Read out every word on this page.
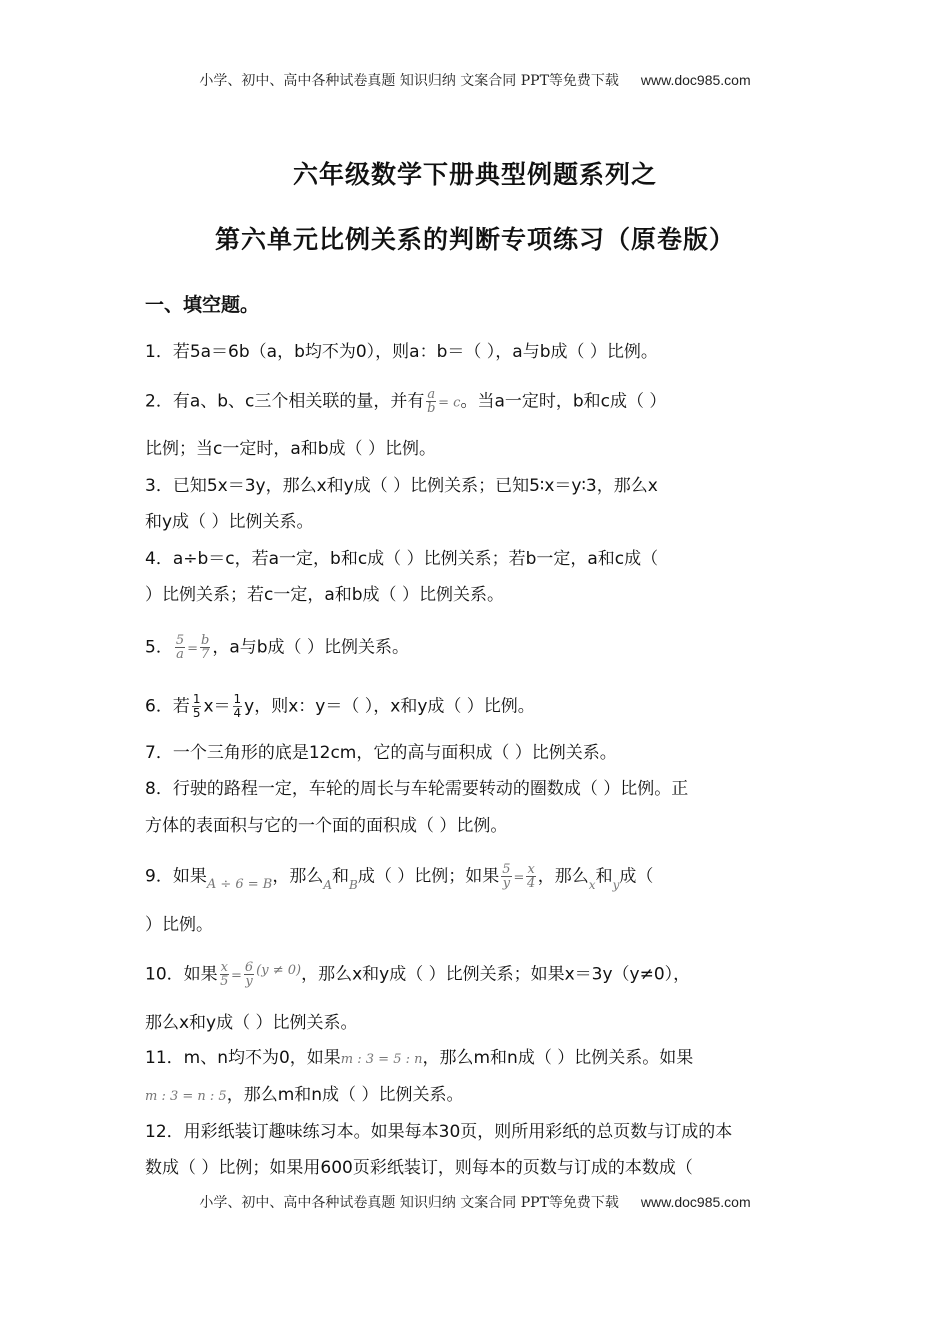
小学、初中、高中各种试卷真题 知识归纳 文案合同 PPT等免费下载 www.doc985.com
六年级数学下册典型例题系列之
第六单元比例关系的判断专项练习（原卷版）
一、填空题。
1．若5a＝6b（a，b均不为0），则a：b＝（ ），a与b成（ ）比例。
2．有a、b、c三个相关联的量，并有 $\frac{a}{b} = c$。当a一定时，b和c成（ ）
比例；当c一定时，a和b成（ ）比例。
3．已知5x＝3y，那么x和y成（ ）比例关系；已知5∶x＝y∶3，那么x
和y成（ ）比例关系。
4．a÷b＝c，若a一定，b和c成（ ）比例关系；若b一定，a和c成（
）比例关系；若c一定，a和b成（ ）比例关系。
5． $\frac{5}{a} = \frac{b}{7}$ ，a与b成（ ）比例关系。
6．若 $\frac{1}{5} x= \frac{1}{4}$ y，则x：y＝（ ），x和y成（ ）比例。
7．一个三角形的底是12cm，它的高与面积成（ ）比例关系。
8．行驶的路程一定，车轮的周长与车轮需要转动的圈数成（ ）比例。正
方体的表面积与它的一个面的面积成（ ）比例。
9．如果$_{A \div 6 = B}$，那么$_A$和$_B$成（ ）比例；如果 $\frac{5}{y} = \frac{x}{4}$ ，那么$_x$和$_y$成（
）比例。
10．如果 $\frac{x}{5} = \frac{6}{y} ^{(y \ne 0)}$，那么x和y成（ ）比例关系；如果x＝3y（y≠0），
那么x和y成（ ）比例关系。
11．m、n均不为0，如果m : 3 = 5 : n，那么m和n成（ ）比例关系。如果
m : 3 = n : 5，那么m和n成（ ）比例关系。
12．用彩纸装订趣味练习本。如果每本30页，则所用彩纸的总页数与订成的本
数成（ ）比例；如果用600页彩纸装订，则每本的页数与订成的本数成（
小学、初中、高中各种试卷真题 知识归纳 文案合同 PPT等免费下载 www.doc985.com
